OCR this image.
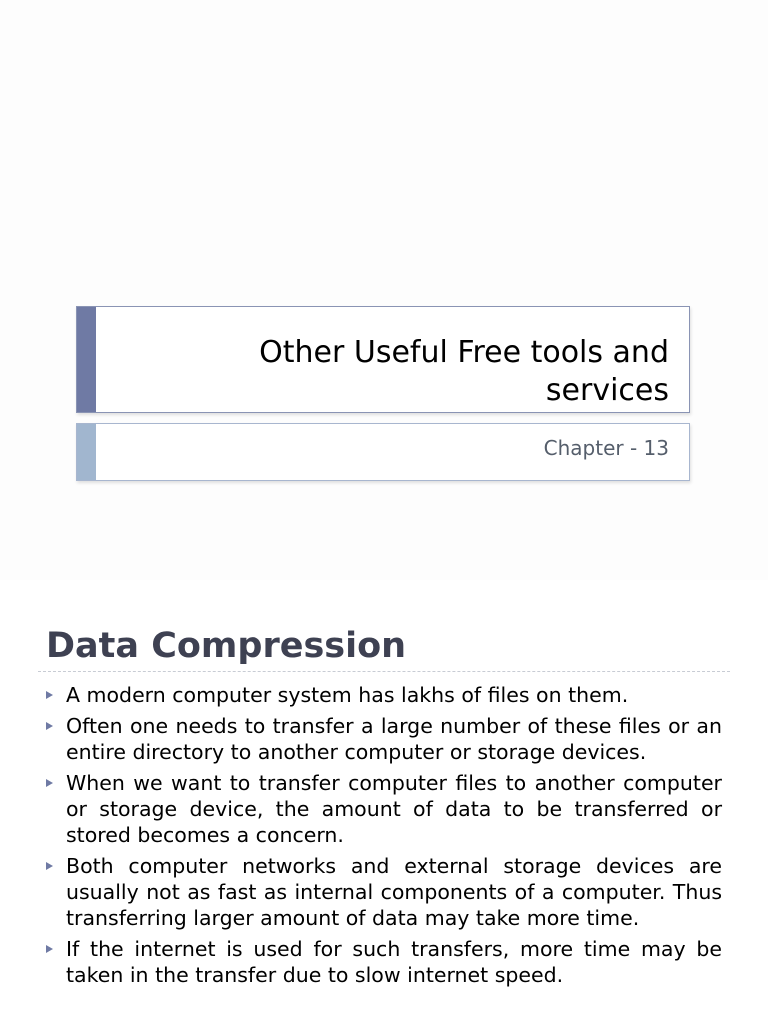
Other Useful Free tools and services
Chapter - 13
Data Compression
A modern computer system has lakhs of files on them.
Often one needs to transfer a large number of these files or an entire directory to another computer or storage devices.
When we want to transfer computer files to another computer or storage device, the amount of data to be transferred or stored becomes a concern.
Both computer networks and external storage devices are usually not as fast as internal components of a computer. Thus transferring larger amount of data may take more time.
If the internet is used for such transfers, more time may be taken in the transfer due to slow internet speed.
